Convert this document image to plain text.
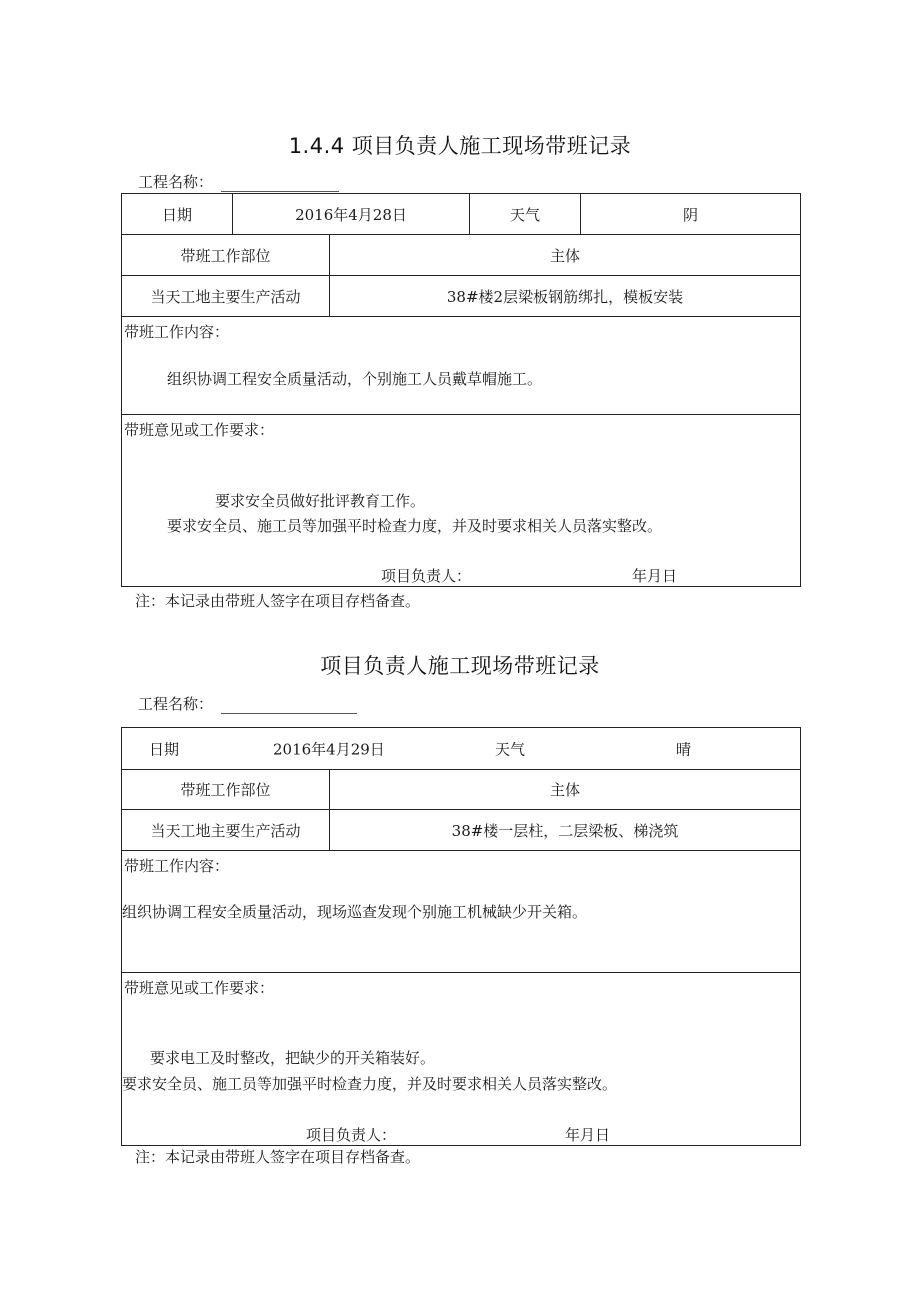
1.4.4 项目负责人施工现场带班记录
工程名称：
日期	2016年4月28日		天气	阴
带班工作部位		主体		
当天工地主要生产活动		38#楼2层梁板钢筋绑扎，模板安装		

带班工作内容：
组织协调工程安全质量活动，个别施工人员戴草帽施工。				

带班意见或工作要求：
要求安全员做好批评教育工作。
要求安全员、施工员等加强平时检查力度，并及时要求相关人员落实整改。
项目负责人： 年月日				
注：本记录由带班人签字在项目存档备查。
项目负责人施工现场带班记录
工程名称：
日期 2016年4月29日 天气 晴	

带班工作部位	主体
当天工地主要生产活动	38#楼一层柱，二层梁板、梯浇筑

带班工作内容：
组织协调工程安全质量活动，现场巡查发现个别施工机械缺少开关箱。	

带班意见或工作要求：
要求电工及时整改，把缺少的开关箱装好。
要求安全员、施工员等加强平时检查力度，并及时要求相关人员落实整改。
项目负责人： 年月日	
注：本记录由带班人签字在项目存档备查。
